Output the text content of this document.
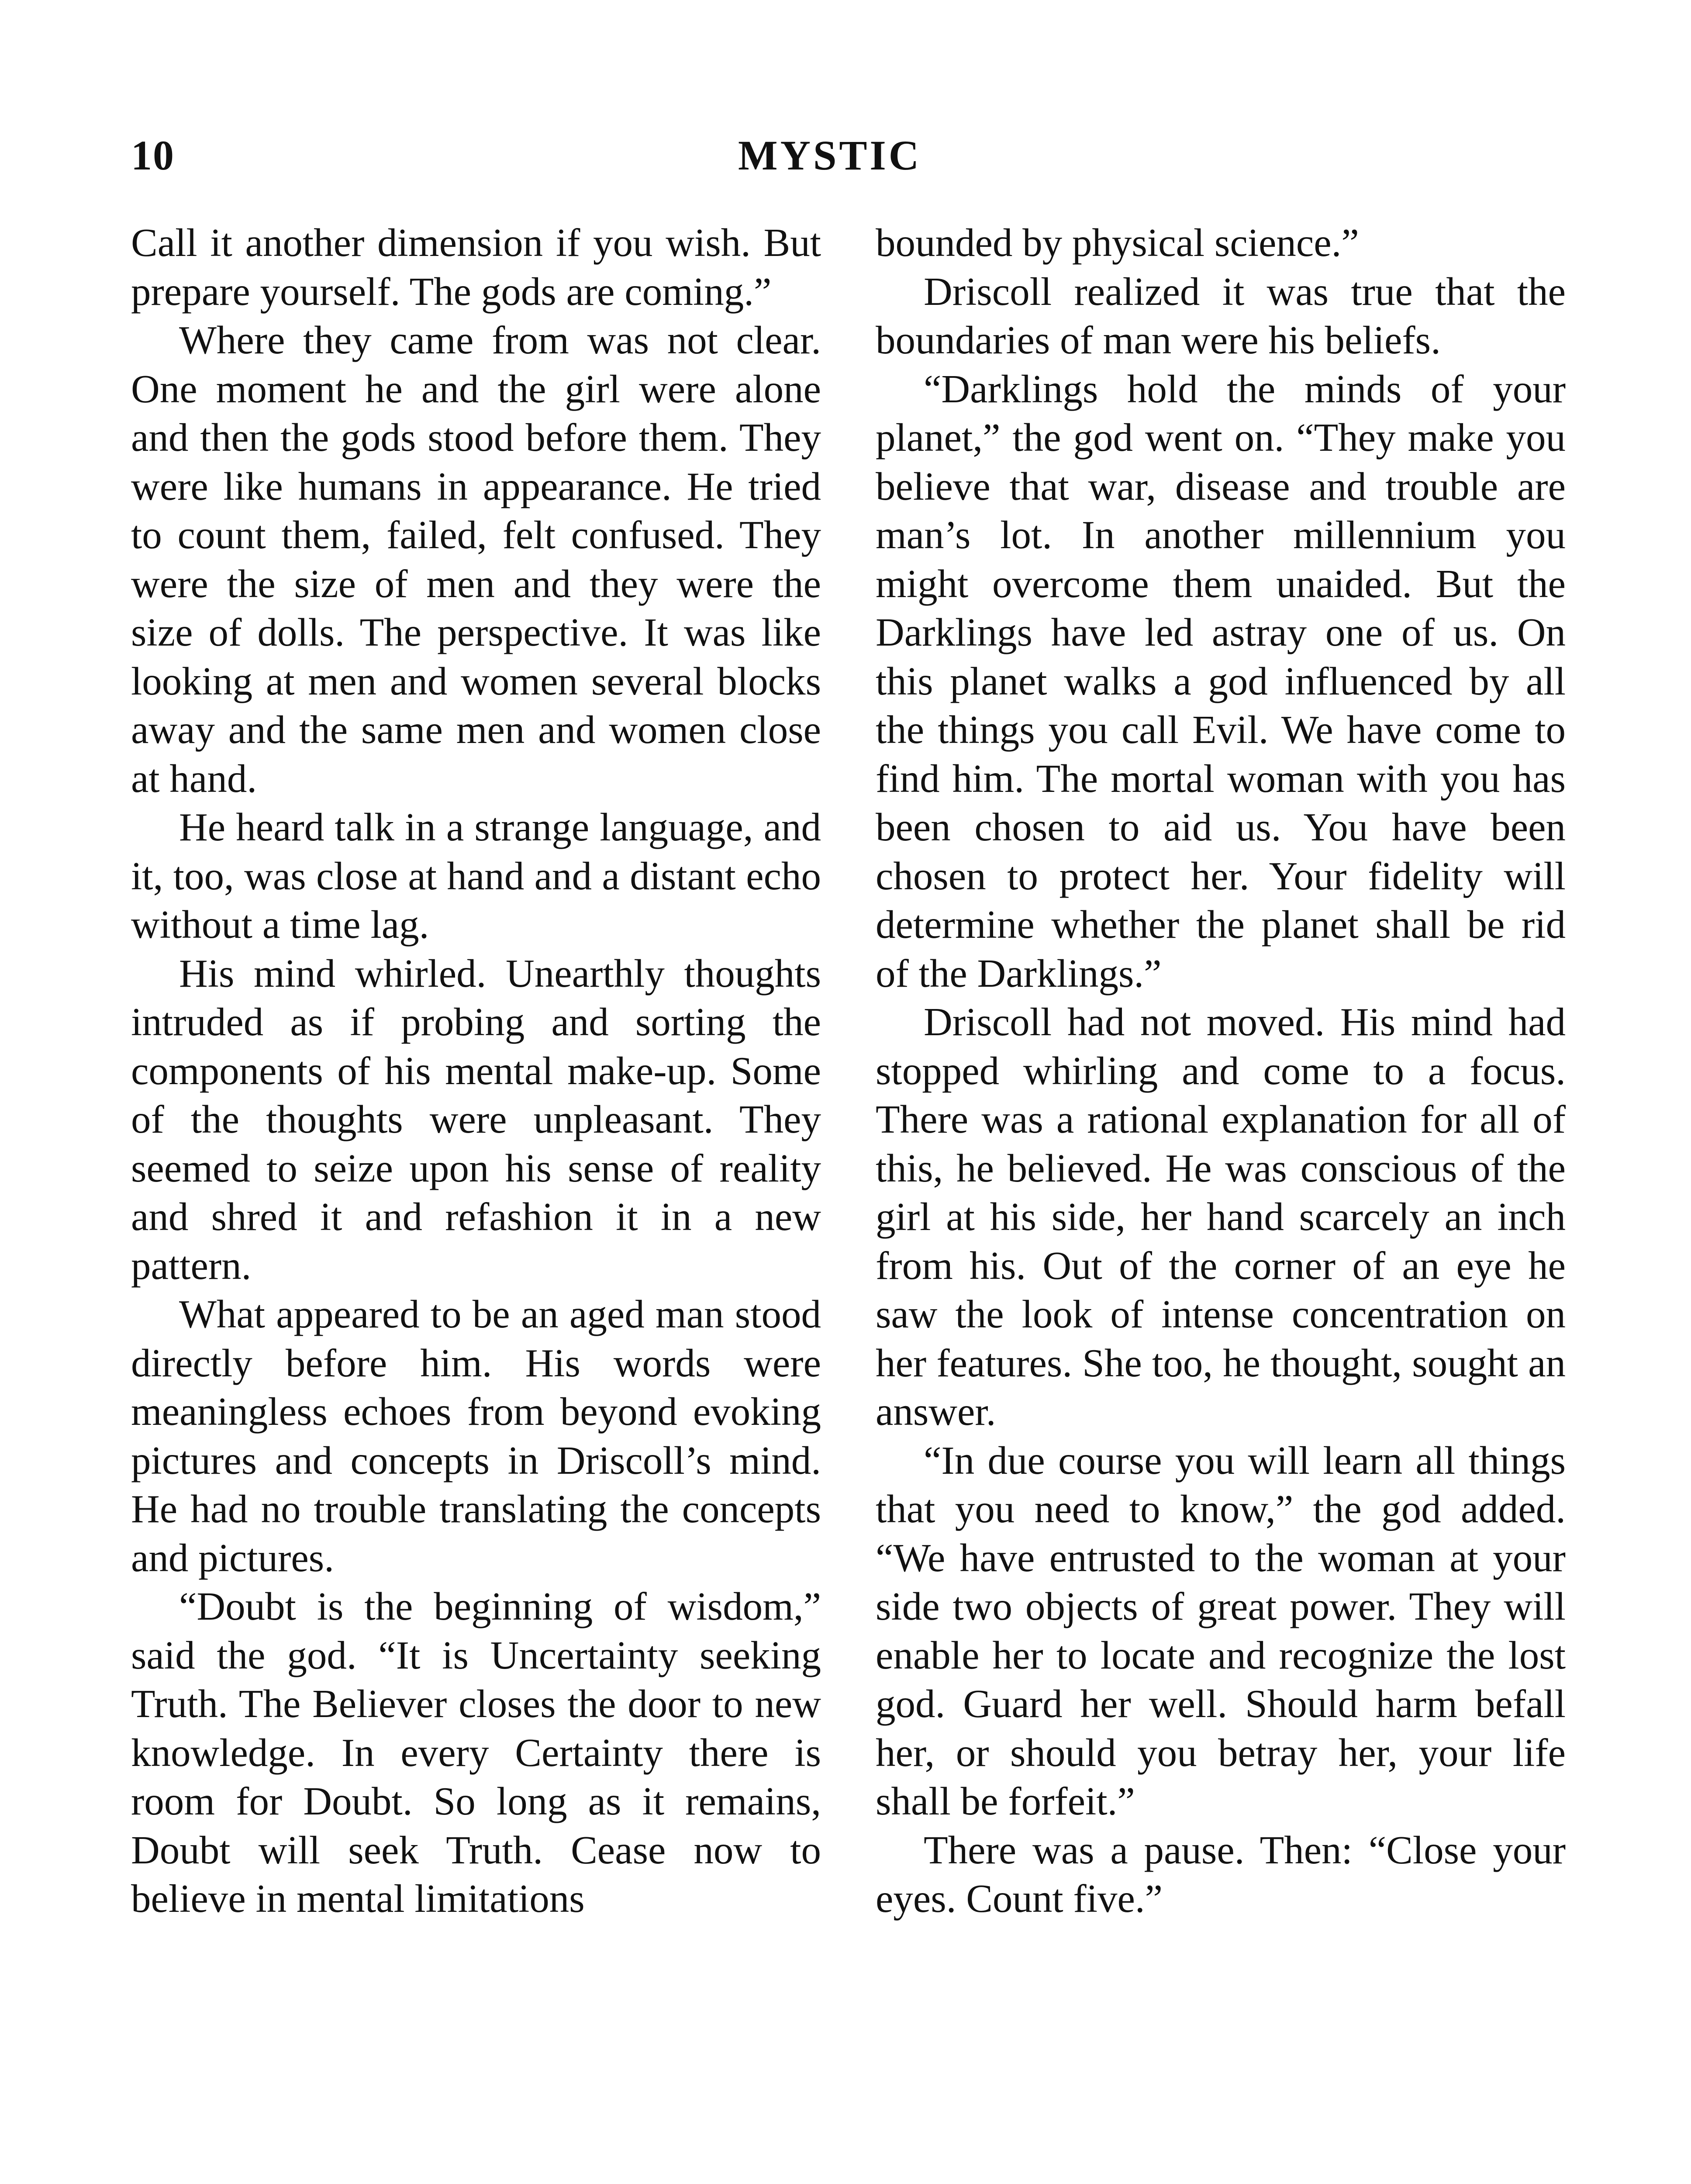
10	MYSTIC

Call it another dimension if you wish. But prepare yourself. The gods are coming.”

Where they came from was not clear. One moment he and the girl were alone and then the gods stood before them. They were like humans in appearance. He tried to count them, failed, felt confused. They were the size of men and they were the size of dolls. The perspective. It was like looking at men and women several blocks away and the same men and women close at hand.

He heard talk in a strange language, and it, too, was close at hand and a distant echo without a time lag.

His mind whirled. Unearthly thoughts intruded as if probing and sorting the components of his mental make-up. Some of the thoughts were unpleasant. They seemed to seize upon his sense of reality and shred it and refashion it in a new pattern.

What appeared to be an aged man stood directly before him. His words were meaningless echoes from beyond evoking pictures and concepts in Driscoll’s mind. He had no trouble translating the concepts and pictures.

“Doubt is the beginning of wisdom,” said the god. “It is Uncertainty seeking Truth. The Believer closes the door to new knowledge. In every Certainty there is room for Doubt. So long as it remains, Doubt will seek Truth. Cease now to believe in mental limitations

bounded by physical science.”

Driscoll realized it was true that the boundaries of man were his beliefs.

“Darklings hold the minds of your planet,” the god went on. “They make you believe that war, disease and trouble are man’s lot. In another millennium you might overcome them unaided. But the Darklings have led astray one of us. On this planet walks a god influenced by all the things you call Evil. We have come to find him. The mortal woman with you has been chosen to aid us. You have been chosen to protect her. Your fidelity will determine whether the planet shall be rid of the Darklings.”

Driscoll had not moved. His mind had stopped whirling and come to a focus. There was a rational explanation for all of this, he believed. He was conscious of the girl at his side, her hand scarcely an inch from his. Out of the corner of an eye he saw the look of intense concentration on her features. She too, he thought, sought an answer.

“In due course you will learn all things that you need to know,” the god added. “We have entrusted to the woman at your side two objects of great power. They will enable her to locate and recognize the lost god. Guard her well. Should harm befall her, or should you betray her, your life shall be forfeit.”

There was a pause. Then: “Close your eyes. Count five.”
